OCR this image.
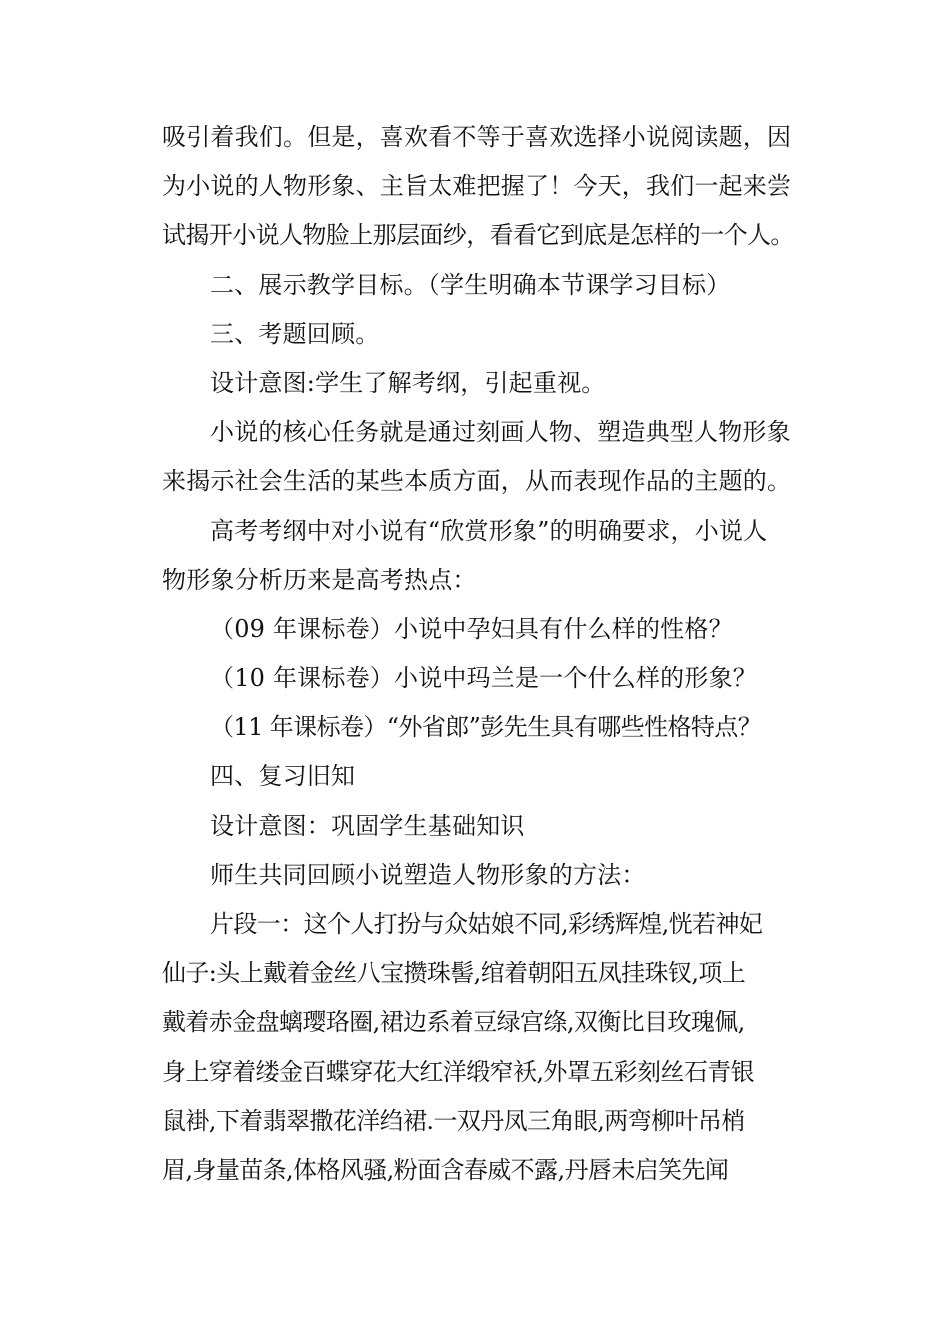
吸引着我们。但是，喜欢看不等于喜欢选择小说阅读题，因
为小说的人物形象、主旨太难把握了！今天，我们一起来尝
试揭开小说人物脸上那层面纱，看看它到底是怎样的一个人。
二、展示教学目标。（学生明确本节课学习目标）
三、考题回顾。
设计意图:学生了解考纲，引起重视。
小说的核心任务就是通过刻画人物、塑造典型人物形象
来揭示社会生活的某些本质方面，从而表现作品的主题的。
高考考纲中对小说有“欣赏形象”的明确要求，小说人
物形象分析历来是高考热点：
（09 年课标卷）小说中孕妇具有什么样的性格？
（10 年课标卷）小说中玛兰是一个什么样的形象？
（11 年课标卷）“外省郎”彭先生具有哪些性格特点？
四、复习旧知
设计意图：巩固学生基础知识
师生共同回顾小说塑造人物形象的方法：
片段一：这个人打扮与众姑娘不同,彩绣辉煌,恍若神妃
仙子:头上戴着金丝八宝攒珠髻,绾着朝阳五凤挂珠钗,项上
戴着赤金盘螭璎珞圈,裙边系着豆绿宫绦,双衡比目玫瑰佩,
身上穿着缕金百蝶穿花大红洋缎窄袄,外罩五彩刻丝石青银
鼠褂,下着翡翠撒花洋绉裙.一双丹凤三角眼,两弯柳叶吊梢
眉,身量苗条,体格风骚,粉面含春威不露,丹唇未启笑先闻
